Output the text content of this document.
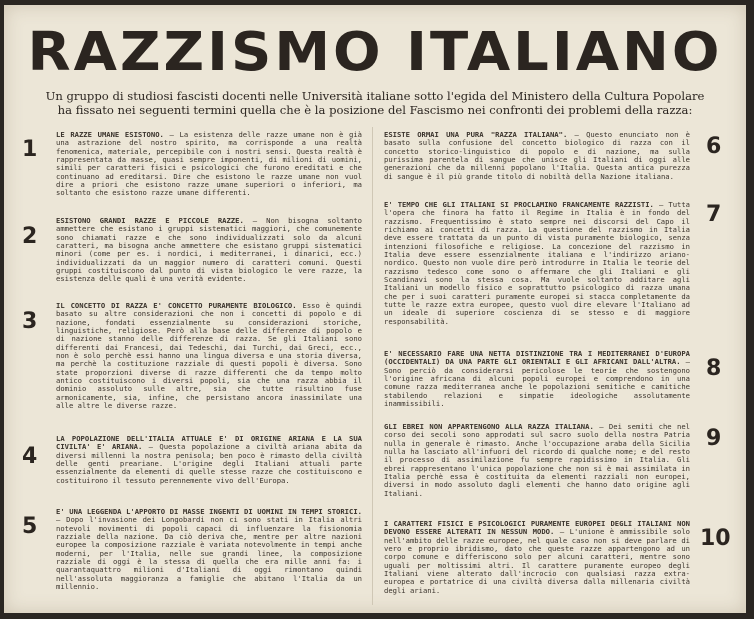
RAZZISMO ITALIANO
Un gruppo di studiosi fascisti docenti nelle Università italiane sotto l'egida del Ministero della Cultura Popolare
ha fissato nei seguenti termini quella che è la posizione del Fascismo nei confronti dei problemi della razza:
1
LE RAZZE UMANE ESISTONO. — La esistenza delle razze umane non è già una astrazione del nostro spirito, ma corrisponde a una realtà fenomenica, materiale, percepibile con i nostri sensi. Questa realtà è rappresentata da masse, quasi sempre imponenti, di milioni di uomini, simili per caratteri fisici e psicologici che furono ereditati e che continuano ad ereditarsi. Dire che esistono le razze umane non vuol dire a priori che esistono razze umane superiori o inferiori, ma soltanto che esistono razze umane differenti.
2
ESISTONO GRANDI RAZZE E PICCOLE RAZZE. — Non bisogna soltanto ammettere che esistano i gruppi sistematici maggiori, che comunemente sono chiamati razze e che sono individualizzati solo da alcuni caratteri, ma bisogna anche ammettere che esistano gruppi sistematici minori (come per es. i nordici, i mediterranei, i dinarici, ecc.) individualizzati da un maggior numero di caratteri comuni. Questi gruppi costituiscono dal punto di vista biologico le vere razze, la esistenza delle quali è una verità evidente.
3
IL CONCETTO DI RAZZA E' CONCETTO PURAMENTE BIOLOGICO. Esso è quindi basato su altre considerazioni che non i concetti di popolo e di nazione, fondati essenzialmente su considerazioni storiche, linguistiche, religiose. Però alla base delle differenze di popolo e di nazione stanno delle differenze di razza. Se gli Italiani sono differenti dai Francesi, dai Tedeschi, dai Turchi, dai Greci, ecc., non è solo perchè essi hanno una lingua diversa e una storia diversa, ma perchè la costituzione razziale di questi popoli è diversa. Sono state proporzioni diverse di razze differenti che da tempo molto antico costituiscono i diversi popoli, sia che una razza abbia il dominio assoluto sulle altre, sia che tutte risultino fuse armonicamente, sia, infine, che persistano ancora inassimilate una alle altre le diverse razze.
4
LA POPOLAZIONE DELL'ITALIA ATTUALE E' DI ORIGINE ARIANA E LA SUA CIVILTA' E' ARIANA. — Questa popolazione a civiltà ariana abita da diversi millenni la nostra penisola; ben poco è rimasto della civiltà delle genti preariane. L'origine degli Italiani attuali parte essenzialmente da elementi di quelle stesse razze che costituiscono e costituirono il tessuto perennemente vivo dell'Europa.
5
E' UNA LEGGENDA L'APPORTO DI MASSE INGENTI DI UOMINI IN TEMPI STORICI. — Dopo l'invasione dei Longobardi non ci sono stati in Italia altri notevoli movimenti di popoli capaci di influenzare la fisionomia razziale della nazione. Da ciò deriva che, mentre per altre nazioni europee la composizione razziale è variata notevolmente in tempi anche moderni, per l'Italia, nelle sue grandi linee, la composizione razziale di oggi è la stessa di quella che era mille anni fa: i quarantaquattro milioni d'Italiani di oggi rimontano quindi nell'assoluta maggioranza a famiglie che abitano l'Italia da un millennio.
ESISTE ORMAI UNA PURA "RAZZA ITALIANA". — Questo enunciato non è basato sulla confusione del concetto biologico di razza con il concetto storico-linguistico di popolo e di nazione, ma sulla purissima parentela di sangue che unisce gli Italiani di oggi alle generazioni che da millenni popolano l'Italia. Questa antica purezza di sangue è il più grande titolo di nobiltà della Nazione italiana.
6
E' TEMPO CHE GLI ITALIANI SI PROCLAMINO FRANCAMENTE RAZZISTI. — Tutta l'opera che finora ha fatto il Regime in Italia è in fondo del razzismo. Frequentissimo è stato sempre nei discorsi del Capo il richiamo ai concetti di razza. La questione del razzismo in Italia deve essere trattata da un punto di vista puramente biologico, senza intenzioni filosofiche e religiose. La concezione del razzismo in Italia deve essere essenzialmente italiana e l'indirizzo ariano-nordico. Questo non vuole dire però introdurre in Italia le teorie del razzismo tedesco come sono o affermare che gli Italiani e gli Scandinavi sono la stessa cosa. Ma vuole soltanto additare agli Italiani un modello fisico e soprattutto psicologico di razza umana che per i suoi caratteri puramente europei si stacca completamente da tutte le razze extra europee, questo vuol dire elevare l'Italiano ad un ideale di superiore coscienza di se stesso e di maggiore responsabilità.
7
E' NECESSARIO FARE UNA NETTA DISTINZIONE TRA I MEDITERRANEI D'EUROPA (OCCIDENTALI) DA UNA PARTE GLI ORIENTALI E GLI AFRICANI DALL'ALTRA. — Sono perciò da considerarsi pericolose le teorie che sostengono l'origine africana di alcuni popoli europei e comprendono in una comune razza mediterranea anche le popolazioni semitiche e camitiche stabilendo relazioni e simpatie ideologiche assolutamente inammissibili.
8
GLI EBREI NON APPARTENGONO ALLA RAZZA ITALIANA. — Dei semiti che nel corso dei secoli sono approdati sul sacro suolo della nostra Patria nulla in generale è rimasto. Anche l'occupazione araba della Sicilia nulla ha lasciato all'infuori del ricordo di qualche nome; e del resto il processo di assimilazione fu sempre rapidissimo in Italia. Gli ebrei rappresentano l'unica popolazione che non si è mai assimilata in Italia perchè essa è costituita da elementi razziali non europei, diversi in modo assoluto dagli elementi che hanno dato origine agli Italiani.
9
I CARATTERI FISICI E PSICOLOGICI PURAMENTE EUROPEI DEGLI ITALIANI NON DEVONO ESSERE ALTERATI IN NESSUN MODO. — L'unione è ammissibile solo nell'ambito delle razze europee, nel quale caso non si deve parlare di vero e proprio ibridismo, dato che queste razze appartengono ad un corpo comune e differiscono solo per alcuni caratteri, mentre sono uguali per moltissimi altri. Il carattere puramente europeo degli Italiani viene alterato dall'incrocio con qualsiasi razza extra-europea e portatrice di una civiltà diversa dalla millenaria civiltà degli ariani.
10
